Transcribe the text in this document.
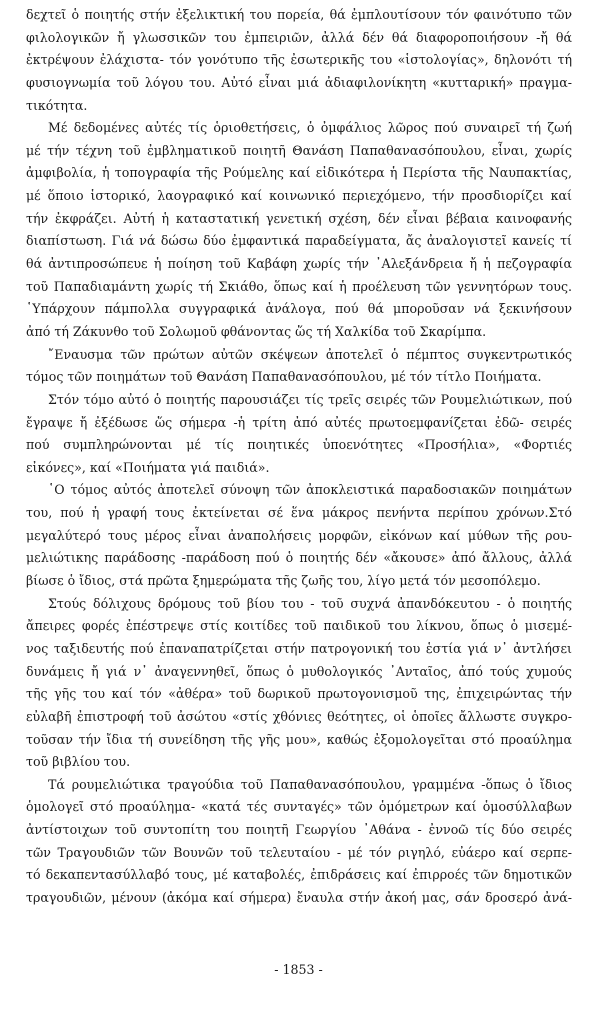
δεχτεῖ ὁ ποιητής στήν ἐξελικτική του πορεία, θά ἐμπλουτίσουν τόν φαινότυπο τῶν
φιλολογικῶν ἤ γλωσσικῶν του ἐμπειριῶν, ἀλλά δέν θά διαφοροποιήσουν -ἤ θά
ἐκτρέψουν ἐλάχιστα- τόν γονότυπο τῆς ἐσωτερικῆς του «ἱστολογίας», δηλονότι τή
φυσιογνωμία τοῦ λόγου του. Αὐτό εἶναι μιά ἀδιαφιλονίκητη «κυτταρική» πραγμα-
τικότητα.
Μέ δεδομένες αὐτές τίς ὁριοθετήσεις, ὁ ὀμφάλιος λῶρος πού συναιρεῖ τή ζωή
μέ τήν τέχνη τοῦ ἐμβληματικοῦ ποιητῆ Θανάση Παπαθανασόπουλου, εἶναι, χωρίς
ἀμφιβολία, ἡ τοπογραφία τῆς Ρούμελης καί εἰδικότερα ἡ Περίστα τῆς Ναυπακτίας,
μέ ὅποιο ἱστορικό, λαογραφικό καί κοινωνικό περιεχόμενο, τήν προσδιορίζει καί
τήν ἐκφράζει. Αὐτή ἡ καταστατική γενετική σχέση, δέν εἶναι βέβαια καινοφανής
διαπίστωση. Γιά νά δώσω δύο ἐμφαντικά παραδείγματα, ἄς ἀναλογιστεῖ κανείς τί
θά ἀντιπροσώπευε ἡ ποίηση τοῦ Καβάφη χωρίς τήν ᾿Αλεξάνδρεια ἤ ἡ πεζογραφία
τοῦ Παπαδιαμάντη χωρίς τή Σκιάθο, ὅπως καί ἡ προέλευση τῶν γεννητόρων τους.
῾Υπάρχουν πάμπολλα συγγραφικά ἀνάλογα, πού θά μποροῦσαν νά ξεκινήσουν
ἀπό τή Ζάκυνθο τοῦ Σολωμοῦ φθάνοντας ὥς τή Χαλκίδα τοῦ Σκαρίμπα.
῎Εναυσμα τῶν πρώτων αὐτῶν σκέψεων ἀποτελεῖ ὁ πέμπτος συγκεντρωτικός
τόμος τῶν ποιημάτων τοῦ Θανάση Παπαθανασόπουλου, μέ τόν τίτλο Ποιήματα.
Στόν τόμο αὐτό ὁ ποιητής παρουσιάζει τίς τρεῖς σειρές τῶν Ρουμελιώτικων, πού
ἔγραψε ἤ ἐξέδωσε ὥς σήμερα -ἡ τρίτη ἀπό αὐτές πρωτοεμφανίζεται ἐδῶ- σειρές
πού συμπληρώνονται μέ τίς ποιητικές ὑποενότητες «Προσήλια», «Φορτιές
εἰκόνες», καί «Ποιήματα γιά παιδιά».
῾Ο τόμος αὐτός ἀποτελεῖ σύνοψη τῶν ἀποκλειστικά παραδοσιακῶν ποιημάτων
του, πού ἡ γραφή τους ἐκτείνεται σέ ἕνα μάκρος πενήντα περίπου χρόνων.Στό
μεγαλύτερό τους μέρος εἶναι ἀναπολήσεις μορφῶν, εἰκόνων καί μύθων τῆς ρου-
μελιώτικης παράδοσης -παράδοση πού ὁ ποιητής δέν «ἄκουσε» ἀπό ἄλλους, ἀλλά
βίωσε ὁ ἴδιος, στά πρῶτα ξημερώματα τῆς ζωῆς του, λίγο μετά τόν μεσοπόλεμο.
Στούς δόλιχους δρόμους τοῦ βίου του - τοῦ συχνά ἀπανδόκευτου - ὁ ποιητής
ἄπειρες φορές ἐπέστρεψε στίς κοιτίδες τοῦ παιδικοῦ του λίκνου, ὅπως ὁ μισεμέ-
νος ταξιδευτής πού ἐπαναπατρίζεται στήν πατρογονική του ἑστία γιά ν᾿ ἀντλήσει
δυνάμεις ἤ γιά ν᾿ ἀναγεννηθεῖ, ὅπως ὁ μυθολογικός ᾿Ανταῖος, ἀπό τούς χυμούς
τῆς γῆς του καί τόν «ἀθέρα» τοῦ δωρικοῦ πρωτογονισμοῦ της, ἐπιχειρώντας τήν
εὐλαβῆ ἐπιστροφή τοῦ ἀσώτου «στίς χθόνιες θεότητες, οἱ ὁποῖες ἄλλωστε συγκρο-
τοῦσαν τήν ἴδια τή συνείδηση τῆς γῆς μου», καθώς ἐξομολογεῖται στό προαύλημα
τοῦ βιβλίου του.
Τά ρουμελιώτικα τραγούδια τοῦ Παπαθανασόπουλου, γραμμένα -ὅπως ὁ ἴδιος
ὁμολογεῖ στό προαύλημα- «κατά τές συνταγές» τῶν ὁμόμετρων καί ὁμοσύλλαβων
ἀντίστοιχων τοῦ συντοπίτη του ποιητῆ Γεωργίου ᾿Αθάνα - ἐννοῶ τίς δύο σειρές
τῶν Τραγουδιῶν τῶν Βουνῶν τοῦ τελευταίου - μέ τόν ριγηλό, εὐάερο καί σερπε-
τό δεκαπεντασύλλαβό τους, μέ καταβολές, ἐπιδράσεις καί ἐπιρροές τῶν δημοτικῶν
τραγουδιῶν, μένουν (ἀκόμα καί σήμερα) ἔναυλα στήν ἀκοή μας, σάν δροσερό ἀνά-
- 1853 -
